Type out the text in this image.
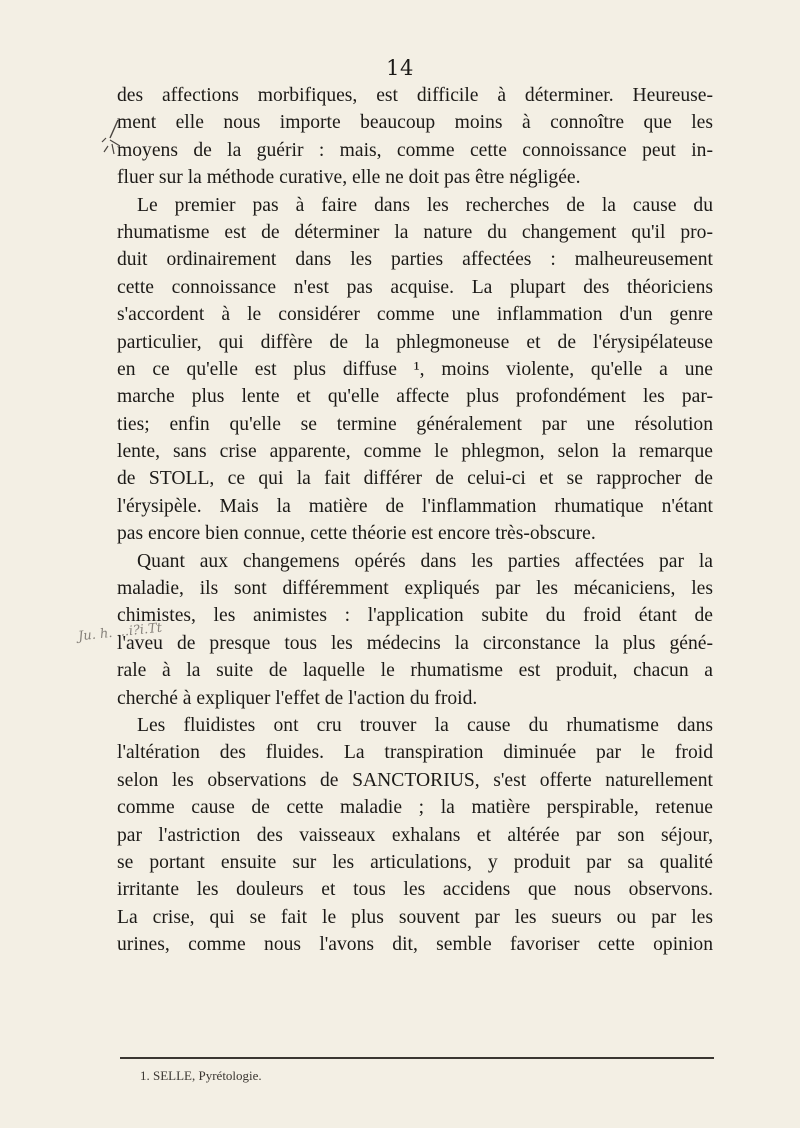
14
Ju. h. ...i?i.Tt
des affections morbifiques, est difficile à déterminer. Heureuse-
ment elle nous importe beaucoup moins à connoître que les
moyens de la guérir : mais, comme cette connoissance peut in-
fluer sur la méthode curative, elle ne doit pas être négligée.
Le premier pas à faire dans les recherches de la cause du
rhumatisme est de déterminer la nature du changement qu'il pro-
duit ordinairement dans les parties affectées : malheureusement
cette connoissance n'est pas acquise. La plupart des théoriciens
s'accordent à le considérer comme une inflammation d'un genre
particulier, qui diffère de la phlegmoneuse et de l'érysipélateuse
en ce qu'elle est plus diffuse ¹, moins violente, qu'elle a une
marche plus lente et qu'elle affecte plus profondément les par-
ties; enfin qu'elle se termine généralement par une résolution
lente, sans crise apparente, comme le phlegmon, selon la remarque
de STOLL, ce qui la fait différer de celui-ci et se rapprocher de
l'érysipèle. Mais la matière de l'inflammation rhumatique n'étant
pas encore bien connue, cette théorie est encore très-obscure.
Quant aux changemens opérés dans les parties affectées par la
maladie, ils sont différemment expliqués par les mécaniciens, les
chimistes, les animistes : l'application subite du froid étant de
l'aveu de presque tous les médecins la circonstance la plus géné-
rale à la suite de laquelle le rhumatisme est produit, chacun a
cherché à expliquer l'effet de l'action du froid.
Les fluidistes ont cru trouver la cause du rhumatisme dans
l'altération des fluides. La transpiration diminuée par le froid
selon les observations de SANCTORIUS, s'est offerte naturellement
comme cause de cette maladie ; la matière perspirable, retenue
par l'astriction des vaisseaux exhalans et altérée par son séjour,
se portant ensuite sur les articulations, y produit par sa qualité
irritante les douleurs et tous les accidens que nous observons.
La crise, qui se fait le plus souvent par les sueurs ou par les
urines, comme nous l'avons dit, semble favoriser cette opinion
1. SELLE, Pyrétologie.
